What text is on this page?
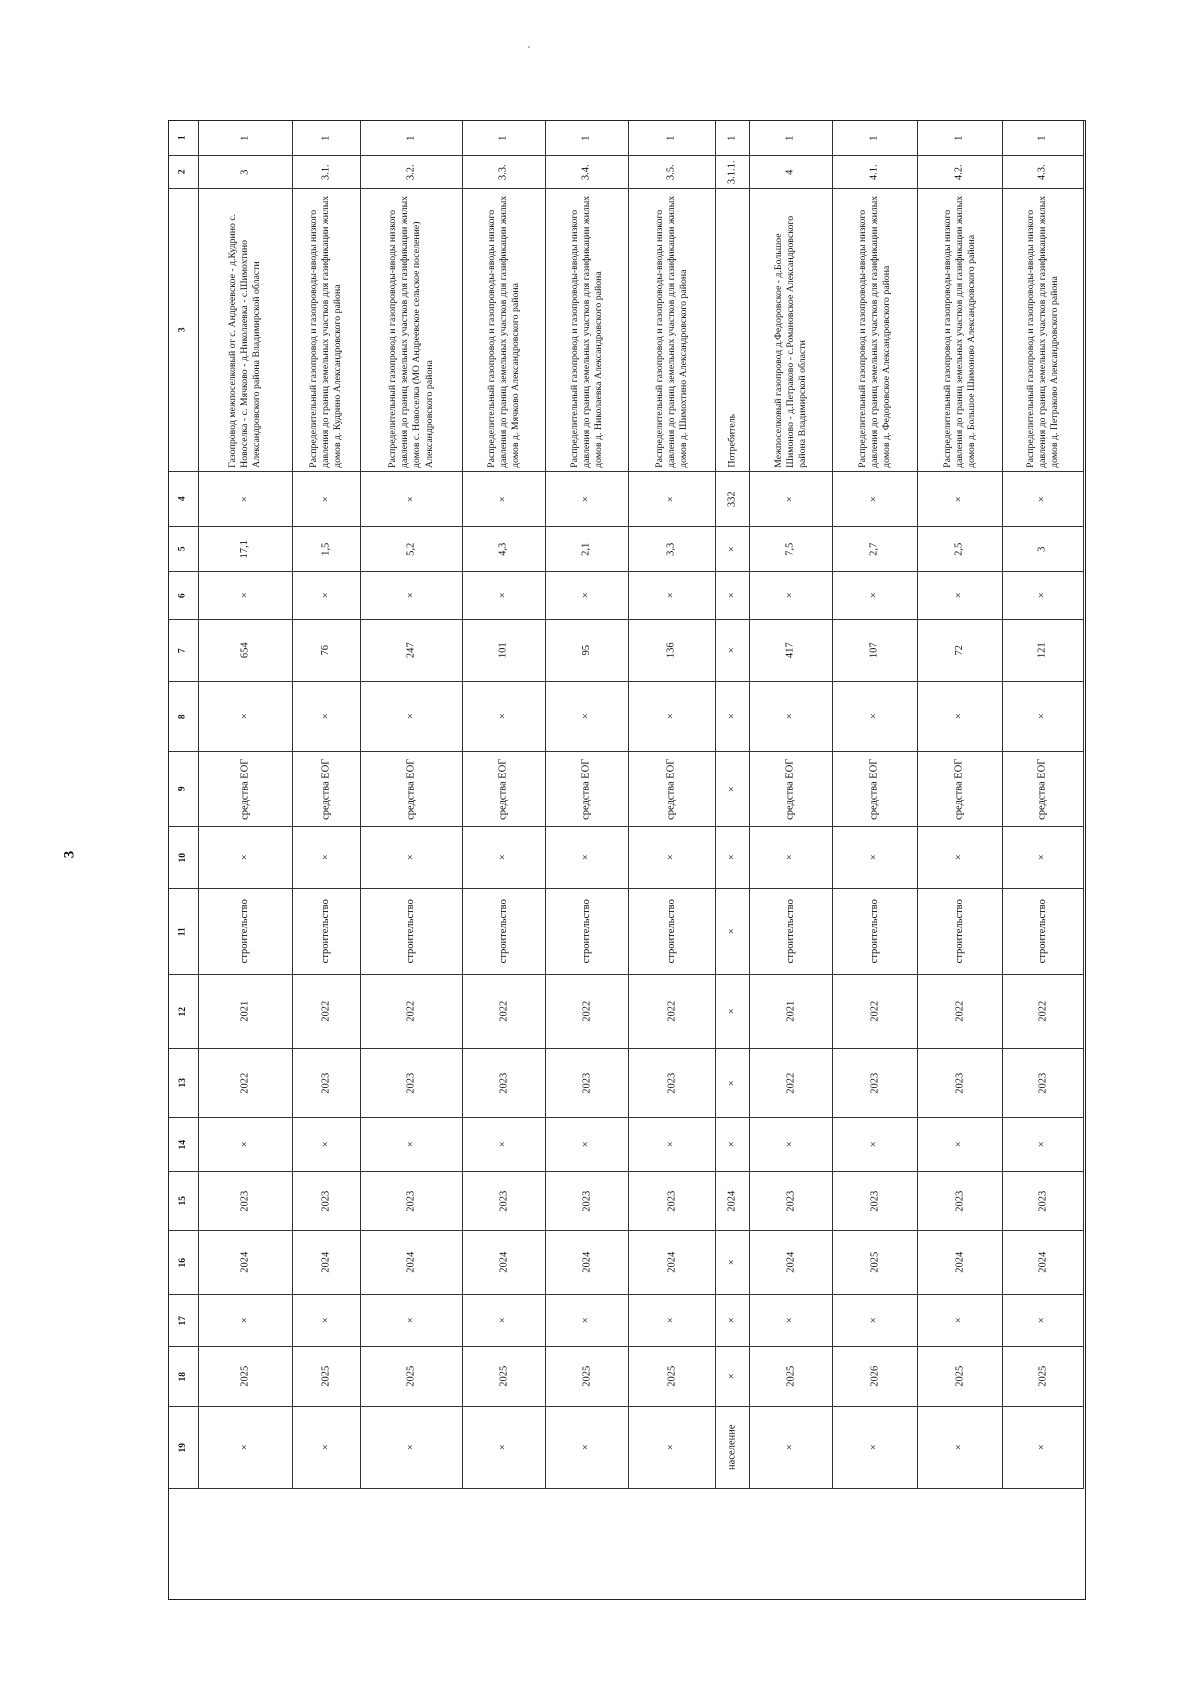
3
1
2
3
4
5
6
7
8
9
10
11
12
13
14
15
16
17
18
19
1
3
Газопровод межпоселковый от с. Андреевское - д.Кудрино с. Новоселка - с. Мячково - д.Николаевка - с.Шимохтино Александровского района Владимирской области
×
17,1
×
654
×
средства ЕОГ
×
строительство
2021
2022
×
2023
2024
×
2025
×
1
3.1.
Распределительный газопровод и газопроводы-вводы низкого давления до границ земельных участков для газификации жилых домов д. Кудрино Александровского района
×
1,5
×
76
×
средства ЕОГ
×
строительство
2022
2023
×
2023
2024
×
2025
×
1
3.2.
Распределительный газопровод и газопроводы-вводы низкого давления до границ земельных участков для газификации жилых домов с. Новоселка (МО Андреевское сельское поселение) Александровского района
×
5,2
×
247
×
средства ЕОГ
×
строительство
2022
2023
×
2023
2024
×
2025
×
1
3.3.
Распределительный газопровод и газопроводы-вводы низкого давления до границ земельных участков для газификации жилых домов д. Мячково Александровского района
×
4,3
×
101
×
средства ЕОГ
×
строительство
2022
2023
×
2023
2024
×
2025
×
1
3.4.
Распределительный газопровод и газопроводы-вводы низкого давления до границ земельных участков для газификации жилых домов д. Николаевка Александровского района
×
2,1
×
95
×
средства ЕОГ
×
строительство
2022
2023
×
2023
2024
×
2025
×
1
3.5.
Распределительный газопровод и газопроводы-вводы низкого давления до границ земельных участков для газификации жилых домов д. Шимохтино Александровского района
×
3,3
×
136
×
средства ЕОГ
×
строительство
2022
2023
×
2023
2024
×
2025
×
1
3.1.1.
Потребитель
332
×
×
×
×
×
×
×
×
×
×
2024
×
×
×
население
1
4
Межпоселковый газопровод д.Федоровское - д.Большое Шимоново - д.Петраково - с.Романовское Александровского района Владимирской области
×
7,5
×
417
×
средства ЕОГ
×
строительство
2021
2022
×
2023
2024
×
2025
×
1
4.1.
Распределительный газопровод и газопроводы-вводы низкого давления до границ земельных участков для газификации жилых домов д. Федоровское Александровского района
×
2,7
×
107
×
средства ЕОГ
×
строительство
2022
2023
×
2023
2025
×
2026
×
1
4.2.
Распределительный газопровод и газопроводы-вводы низкого давления до границ земельных участков для газификации жилых домов д. Большое Шимоново Александровского района
×
2,5
×
72
×
средства ЕОГ
×
строительство
2022
2023
×
2023
2024
×
2025
×
1
4.3.
Распределительный газопровод и газопроводы-вводы низкого давления до границ земельных участков для газификации жилых домов д. Петраково Александровского района
×
3
×
121
×
средства ЕОГ
×
строительство
2022
2023
×
2023
2024
×
2025
×
